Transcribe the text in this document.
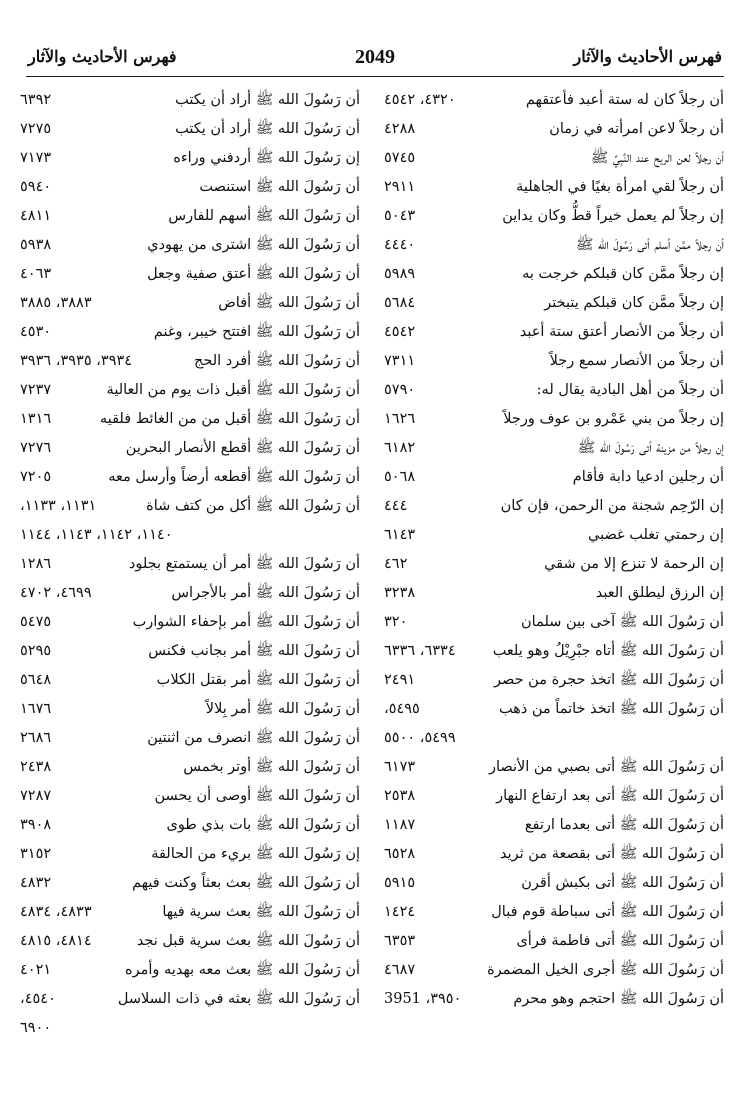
فهرس الأحاديث والآثار
2049
فهرس الأحاديث والآثار
أن رجلاً كان له ستة أعبد فأعتقهم
٤٣٢٠، ٤٥٤٢
أن رجلاً لاعن امرأته في زمان
٤٢٨٨
أن رجلاً لعن الريح عند النَّبِيِّ ﷺ
٥٧٤٥
أن رجلاً لقي امرأة بغيًا في الجاهلية
٢٩١١
إن رجلاً لم يعمل خيراً قطُّ وكان يداين
٥٠٤٣
أن رجلاً ممَّن أسلم أتى رَسُولَ الله ﷺ
٤٤٤٠
إن رجلاً ممَّن كان قبلكم خرجت به
٥٩٨٩
إن رجلاً ممَّن كان قبلكم يتبختر
٥٦٨٤
أن رجلاً من الأنصار أعتق ستة أعبد
٤٥٤٢
أن رجلاً من الأنصار سمع رجلاً
٧٣١١
أن رجلاً من أهل البادية يقال له:
٥٧٩٠
إن رجلاً من بني عَمْرو بن عوف ورجلاً
١٦٢٦
إن رجلاً من مزينة أتى رَسُولَ الله ﷺ
٦١٨٢
أن رجلين ادعيا دابة فأقام
٥٠٦٨
إن الرّحِم شجنة من الرحمن، فإن كان
٤٤٤
إن رحمتي تغلب غضبي
٦١٤٣
إن الرحمة لا تنزع إلا من شقي
٤٦٢
إن الرزق ليطلق العبد
٣٢٣٨
أن رَسُولَ الله ﷺ آخى بين سلمان
٣٢٠
أن رَسُولَ الله ﷺ أتاه جبْرِيْلُ وهو يلعب
٦٣٣٤، ٦٣٣٦
أن رَسُولَ الله ﷺ اتخذ حجرة من حصر
٢٤٩١
أن رَسُولَ الله ﷺ اتخذ خاتماً من ذهب
٥٤٩٥،
٥٤٩٩، ٥٥٠٠
أن رَسُولَ الله ﷺ أتى بصبي من الأنصار
٦١٧٣
أن رَسُولَ الله ﷺ أتى بعد ارتفاع النهار
٢٥٣٨
أن رَسُولَ الله ﷺ أتى بعدما ارتفع
١١٨٧
أن رَسُولَ الله ﷺ أتى بقصعة من ثريد
٦٥٢٨
أن رَسُولَ الله ﷺ أتى بكبش أقرن
٥٩١٥
أن رَسُولَ الله ﷺ أتى سباطة قوم فبال
١٤٢٤
أن رَسُولَ الله ﷺ أتى فاطمة فرأى
٦٣٥٣
أن رَسُولَ الله ﷺ أجرى الخيل المضمرة
٤٦٨٧
أن رَسُولَ الله ﷺ احتجم وهو محرم
٣٩٥٠، 3951
أن رَسُولَ الله ﷺ أراد أن يكتب
٦٣٩٢
أن رَسُولَ الله ﷺ أراد أن يكتب
٧٢٧٥
إن رَسُولَ الله ﷺ أردفني وراءه
٧١٧٣
أن رَسُولَ الله ﷺ استنصت
٥٩٤٠
أن رَسُولَ الله ﷺ أسهم للفارس
٤٨١١
أن رَسُولَ الله ﷺ اشترى من يهودي
٥٩٣٨
أن رَسُولَ الله ﷺ أعتق صفية وجعل
٤٠٦٣
أن رَسُولَ الله ﷺ أفاض
٣٨٨٣، ٣٨٨٥
أن رَسُولَ الله ﷺ افتتح خيبر، وغنم
٤٥٣٠
أن رَسُولَ الله ﷺ أفرد الحج
٣٩٣٤، ٣٩٣٥، ٣٩٣٦
أن رَسُولَ الله ﷺ أقبل ذات يوم من العالية
٧٢٣٧
أن رَسُولَ الله ﷺ أقبل من من الغائط فلقيه
١٣١٦
أن رَسُولَ الله ﷺ أقطع الأنصار البحرين
٧٢٧٦
أن رَسُولَ الله ﷺ أقطعه أرضاً وأرسل معه
٧٢٠٥
أن رَسُولَ الله ﷺ أكل من كتف شاة
١١٣١، ١١٣٣،
١١٤٠، ١١٤٢، ١١٤٣، ١١٤٤
أن رَسُولَ الله ﷺ أمر أن يستمتع بجلود
١٢٨٦
أن رَسُولَ الله ﷺ أمر بالأجراس
٤٦٩٩، ٤٧٠٢
أن رَسُولَ الله ﷺ أمر بإحفاء الشوارب
٥٤٧٥
أن رَسُولَ الله ﷺ أمر بجانب فكنس
٥٢٩٥
أن رَسُولَ الله ﷺ أمر بقتل الكلاب
٥٦٤٨
أن رَسُولَ الله ﷺ أمر بِلالاً
١٦٧٦
أن رَسُولَ الله ﷺ انصرف من اثنتين
٢٦٨٦
أن رَسُولَ الله ﷺ أوتر بخمس
٢٤٣٨
أن رَسُولَ الله ﷺ أوصى أن يحسن
٧٢٨٧
أن رَسُولَ الله ﷺ بات بذي طوى
٣٩٠٨
إن رَسُولَ الله ﷺ بريء من الحالقة
٣١٥٢
أن رَسُولَ الله ﷺ بعث بعثاً وكنت فيهم
٤٨٣٢
أن رَسُولَ الله ﷺ بعث سرية فيها
٤٨٣٣، ٤٨٣٤
أن رَسُولَ الله ﷺ بعث سرية قبل نجد
٤٨١٤، ٤٨١٥
أن رَسُولَ الله ﷺ بعث معه بهديه وأمره
٤٠٢١
أن رَسُولَ الله ﷺ بعثه في ذات السلاسل
٤٥٤٠،
٦٩٠٠
